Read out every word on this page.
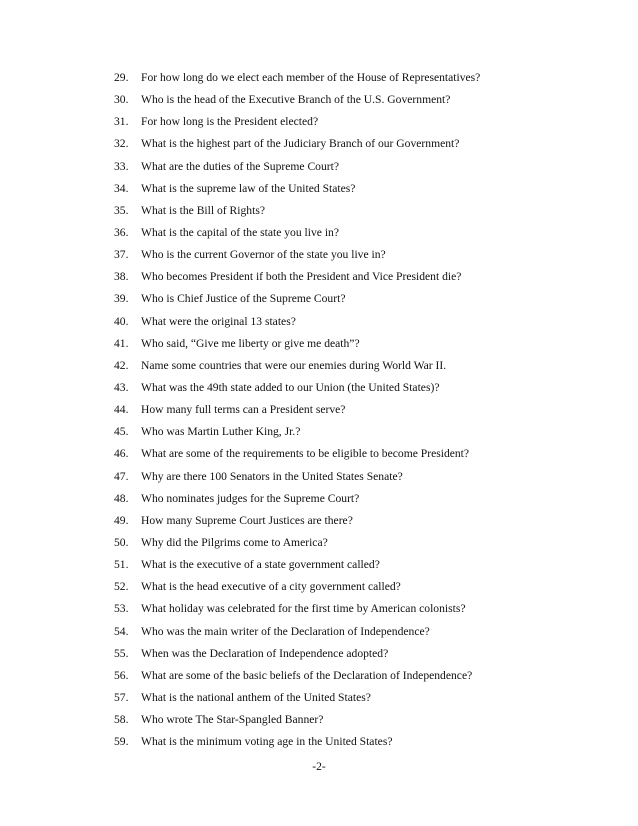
29. For how long do we elect each member of the House of Representatives?
30. Who is the head of the Executive Branch of the U.S. Government?
31. For how long is the President elected?
32. What is the highest part of the Judiciary Branch of our Government?
33. What are the duties of the Supreme Court?
34. What is the supreme law of the United States?
35. What is the Bill of Rights?
36. What is the capital of the state you live in?
37. Who is the current Governor of the state you live in?
38. Who becomes President if both the President and Vice President die?
39. Who is Chief Justice of the Supreme Court?
40. What were the original 13 states?
41. Who said, “Give me liberty or give me death”?
42. Name some countries that were our enemies during World War II.
43. What was the 49th state added to our Union (the United States)?
44. How many full terms can a President serve?
45. Who was Martin Luther King, Jr.?
46. What are some of the requirements to be eligible to become President?
47. Why are there 100 Senators in the United States Senate?
48. Who nominates judges for the Supreme Court?
49. How many Supreme Court Justices are there?
50. Why did the Pilgrims come to America?
51. What is the executive of a state government called?
52. What is the head executive of a city government called?
53. What holiday was celebrated for the first time by American colonists?
54. Who was the main writer of the Declaration of Independence?
55. When was the Declaration of Independence adopted?
56. What are some of the basic beliefs of the Declaration of Independence?
57. What is the national anthem of the United States?
58. Who wrote The Star-Spangled Banner?
59. What is the minimum voting age in the United States?
-2-
